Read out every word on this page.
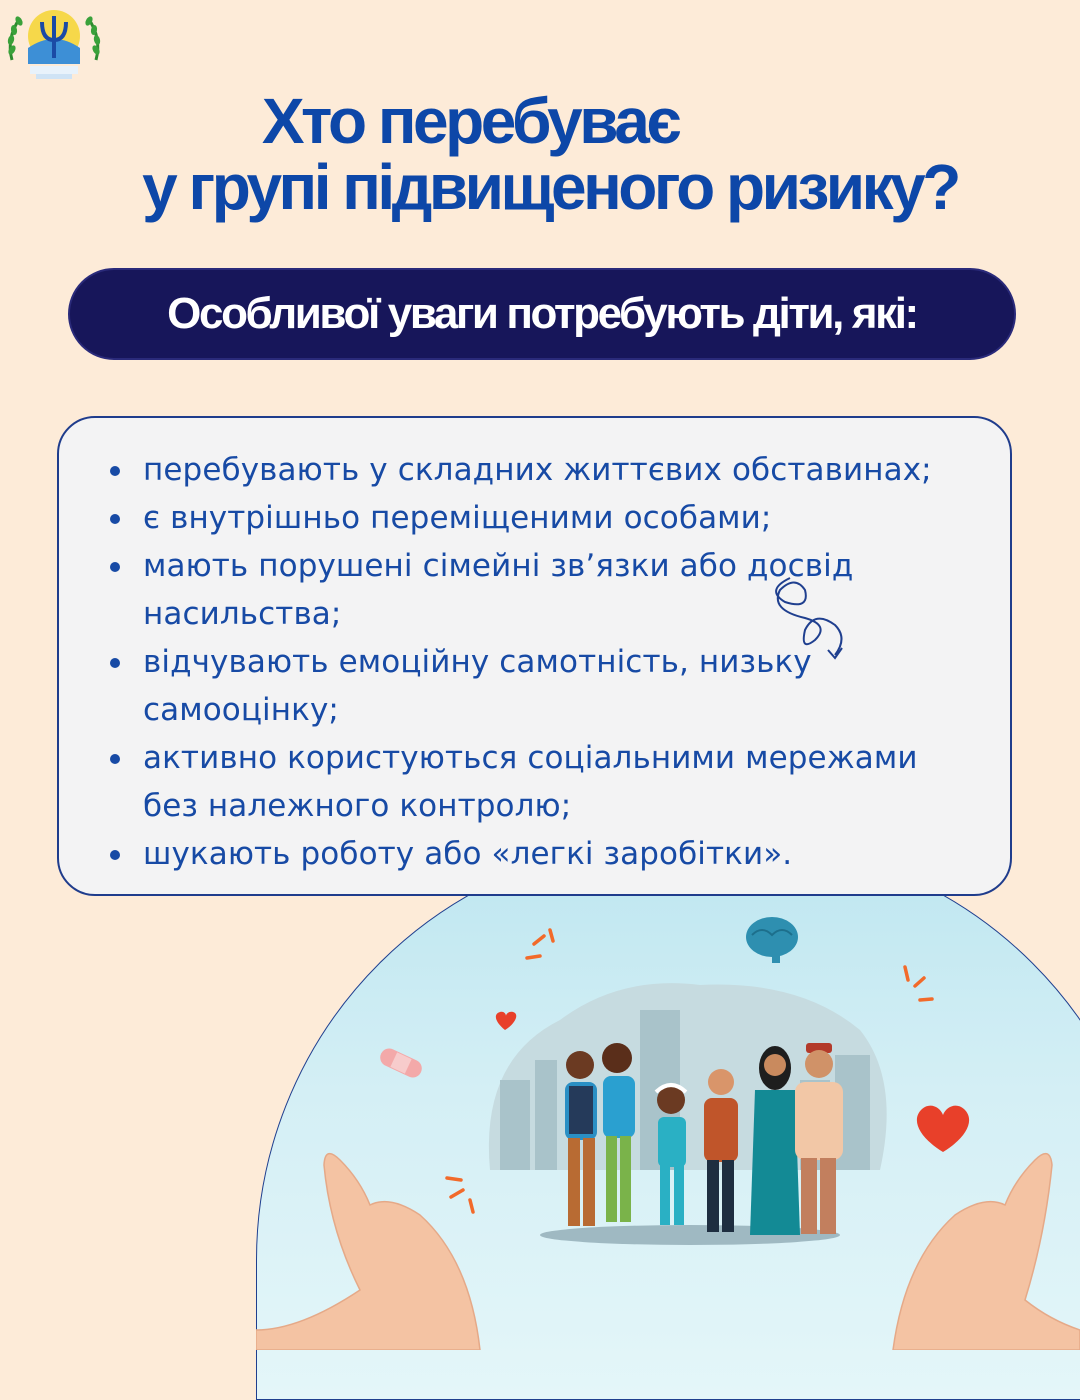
Хто перебуває
у групі підвищеного ризику?
Особливої уваги потребують діти, які:
перебувають у складних життєвих обставинах;
є внутрішньо переміщеними особами;
мають порушені сімейні зв’язки або досвід насильства;
відчувають емоційну самотність, низьку самооцінку;
активно користуються соціальними мережами без належного контролю;
шукають роботу або «легкі заробітки».
